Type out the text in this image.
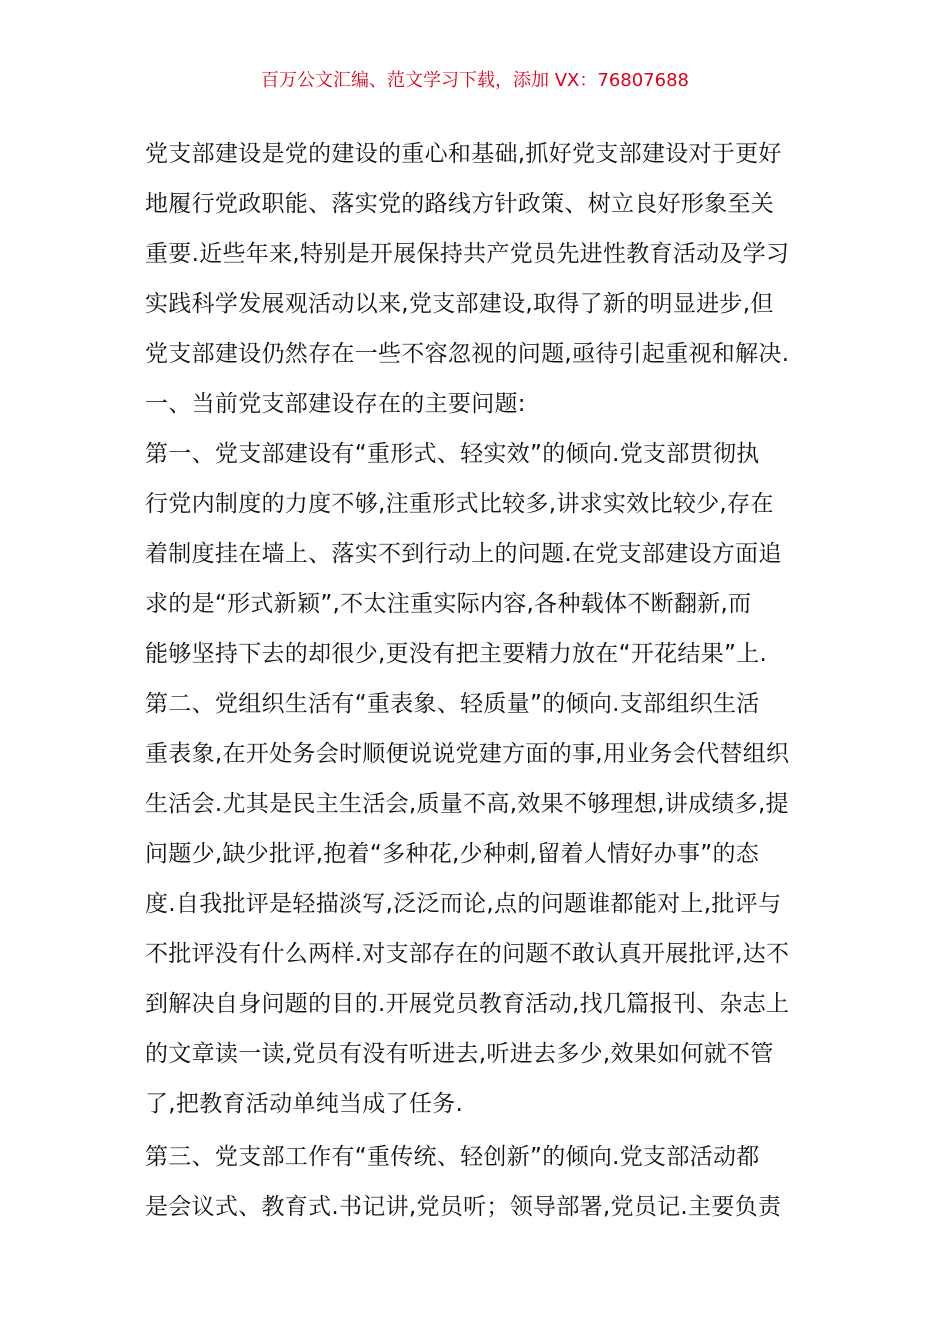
百万公文汇编、范文学习下载，添加 VX：76807688
党支部建设是党的建设的重心和基础,抓好党支部建设对于更好
地履行党政职能、落实党的路线方针政策、树立良好形象至关
重要.近些年来,特别是开展保持共产党员先进性教育活动及学习
实践科学发展观活动以来,党支部建设,取得了新的明显进步,但
党支部建设仍然存在一些不容忽视的问题,亟待引起重视和解决.
一、当前党支部建设存在的主要问题:
第一、党支部建设有“重形式、轻实效”的倾向.党支部贯彻执
行党内制度的力度不够,注重形式比较多,讲求实效比较少,存在
着制度挂在墙上、落实不到行动上的问题.在党支部建设方面追
求的是“形式新颖”,不太注重实际内容,各种载体不断翻新,而
能够坚持下去的却很少,更没有把主要精力放在“开花结果”上.
第二、党组织生活有“重表象、轻质量”的倾向.支部组织生活
重表象,在开处务会时顺便说说党建方面的事,用业务会代替组织
生活会.尤其是民主生活会,质量不高,效果不够理想,讲成绩多,提
问题少,缺少批评,抱着“多种花,少种刺,留着人情好办事”的态
度.自我批评是轻描淡写,泛泛而论,点的问题谁都能对上,批评与
不批评没有什么两样.对支部存在的问题不敢认真开展批评,达不
到解决自身问题的目的.开展党员教育活动,找几篇报刊、杂志上
的文章读一读,党员有没有听进去,听进去多少,效果如何就不管
了,把教育活动单纯当成了任务.
第三、党支部工作有“重传统、轻创新”的倾向.党支部活动都
是会议式、教育式.书记讲,党员听；领导部署,党员记.主要负责
